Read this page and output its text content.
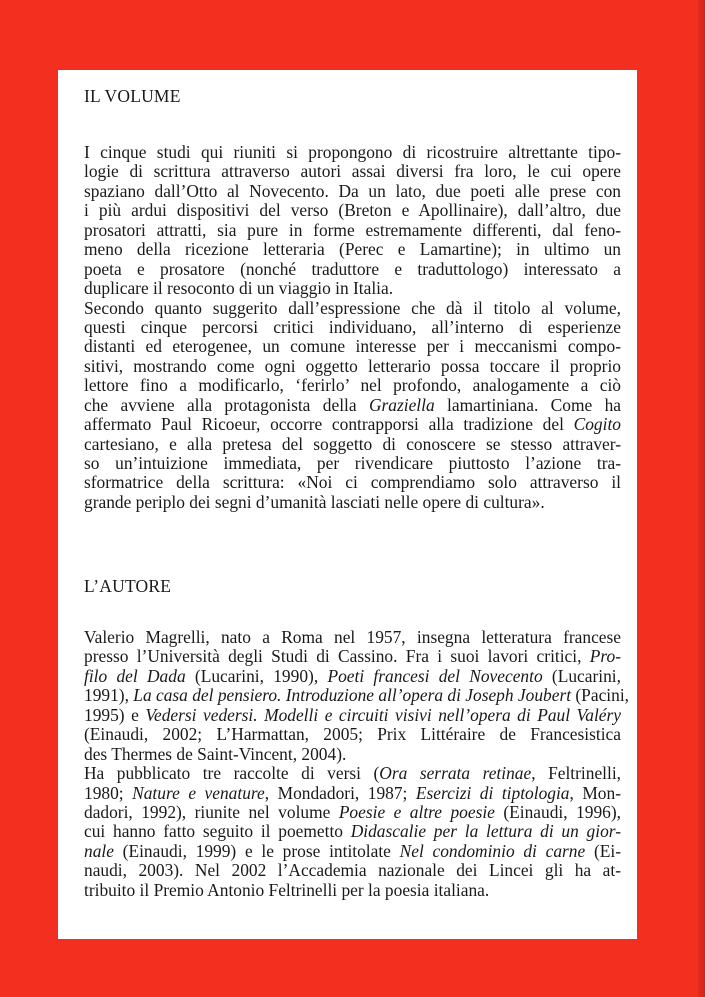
IL VOLUME

I cinque studi qui riuniti si propongono di ricostruire altrettante tipo-
logie di scrittura attraverso autori assai diversi fra loro, le cui opere
spaziano dall’Otto al Novecento. Da un lato, due poeti alle prese con
i più ardui dispositivi del verso (Breton e Apollinaire), dall’altro, due
prosatori attratti, sia pure in forme estremamente differenti, dal feno-
meno della ricezione letteraria (Perec e Lamartine); in ultimo un
poeta e prosatore (nonché traduttore e traduttologo) interessato a
duplicare il resoconto di un viaggio in Italia.
Secondo quanto suggerito dall’espressione che dà il titolo al volume,
questi cinque percorsi critici individuano, all’interno di esperienze
distanti ed eterogenee, un comune interesse per i meccanismi compo-
sitivi, mostrando come ogni oggetto letterario possa toccare il proprio
lettore fino a modificarlo, ‘ferirlo’ nel profondo, analogamente a ciò
che avviene alla protagonista della Graziella lamartiniana. Come ha
affermato Paul Ricoeur, occorre contrapporsi alla tradizione del Cogito
cartesiano, e alla pretesa del soggetto di conoscere se stesso attraver-
so un’intuizione immediata, per rivendicare piuttosto l’azione tra-
sformatrice della scrittura: «Noi ci comprendiamo solo attraverso il
grande periplo dei segni d’umanità lasciati nelle opere di cultura».

L’AUTORE

Valerio Magrelli, nato a Roma nel 1957, insegna letteratura francese
presso l’Università degli Studi di Cassino. Fra i suoi lavori critici, Pro-
filo del Dada (Lucarini, 1990), Poeti francesi del Novecento (Lucarini,
1991), La casa del pensiero. Introduzione all’opera di Joseph Joubert (Pacini,
1995) e Vedersi vedersi. Modelli e circuiti visivi nell’opera di Paul Valéry
(Einaudi, 2002; L’Harmattan, 2005; Prix Littéraire de Francesistica
des Thermes de Saint-Vincent, 2004).
Ha pubblicato tre raccolte di versi (Ora serrata retinae, Feltrinelli,
1980; Nature e venature, Mondadori, 1987; Esercizi di tiptologia, Mon-
dadori, 1992), riunite nel volume Poesie e altre poesie (Einaudi, 1996),
cui hanno fatto seguito il poemetto Didascalie per la lettura di un gior-
nale (Einaudi, 1999) e le prose intitolate Nel condominio di carne (Ei-
naudi, 2003). Nel 2002 l’Accademia nazionale dei Lincei gli ha at-
tribuito il Premio Antonio Feltrinelli per la poesia italiana.
